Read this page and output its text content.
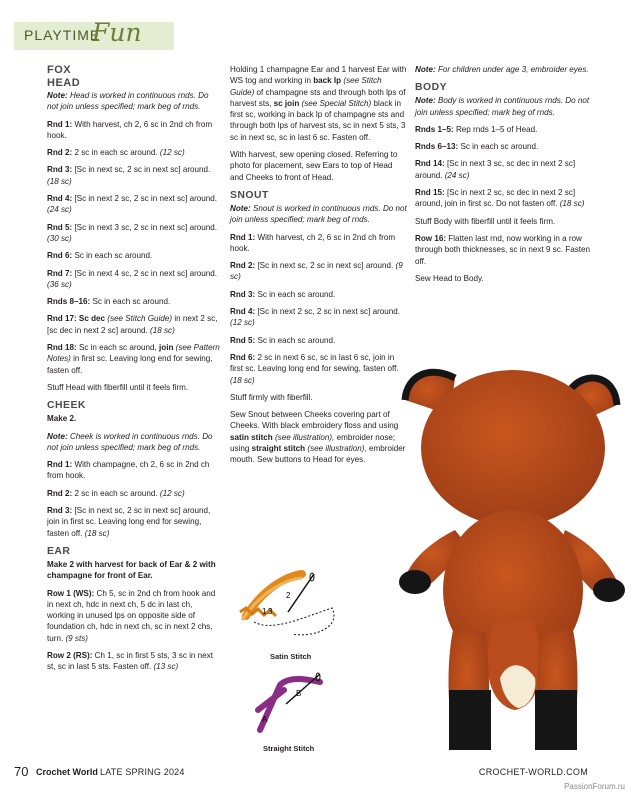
PLAYTIME
Fun
FOX
HEAD

Note: Head is worked in continuous rnds. Do not join unless specified; mark beg of rnds.

Rnd 1: With harvest, ch 2, 6 sc in 2nd ch from hook.

Rnd 2: 2 sc in each sc around. (12 sc)

Rnd 3: [Sc in next sc, 2 sc in next sc] around. (18 sc)

Rnd 4: [Sc in next 2 sc, 2 sc in next sc] around. (24 sc)

Rnd 5: [Sc in next 3 sc, 2 sc in next sc] around. (30 sc)

Rnd 6: Sc in each sc around.

Rnd 7: [Sc in next 4 sc, 2 sc in next sc] around. (36 sc)

Rnds 8–16: Sc in each sc around.

Rnd 17: Sc dec (see Stitch Guide) in next 2 sc, [sc dec in next 2 sc] around. (18 sc)

Rnd 18: Sc in each sc around, join (see Pattern Notes) in first sc. Leaving long end for sewing, fasten off.

Stuff Head with fiberfill until it feels firm.

CHEEK

Make 2.

Note: Cheek is worked in continuous rnds. Do not join unless specified; mark beg of rnds.

Rnd 1: With champagne, ch 2, 6 sc in 2nd ch from hook.

Rnd 2: 2 sc in each sc around. (12 sc)

Rnd 3: [Sc in next sc, 2 sc in next sc] around, join in first sc. Leaving long end for sewing, fasten off. (18 sc)

EAR

Make 2 with harvest for back of Ear & 2 with champagne for front of Ear.

Row 1 (WS): Ch 5, sc in 2nd ch from hook and in next ch, hdc in next ch, 5 dc in last ch, working in unused lps on opposite side of foundation ch, hdc in next ch, sc in next 2 chs, turn. (9 sts)

Row 2 (RS): Ch 1, sc in first 5 sts, 3 sc in next st, sc in last 5 sts. Fasten off. (13 sc)

Holding 1 champagne Ear and 1 harvest Ear with WS tog and working in back lp (see Stitch Guide) of champagne sts and through both lps of harvest sts, sc join (see Special Stitch) black in first sc, working in back lp of champagne sts and through both lps of harvest sts, sc in next 5 sts, 3 sc in next sc, sc in last 6 sc. Fasten off.

With harvest, sew opening closed. Referring to photo for placement, sew Ears to top of Head and Cheeks to front of Head.

SNOUT

Note: Snout is worked in continuous rnds. Do not join unless specified; mark beg of rnds.

Rnd 1: With harvest, ch 2, 6 sc in 2nd ch from hook.

Rnd 2: [Sc in next sc, 2 sc in next sc] around. (9 sc)

Rnd 3: Sc in each sc around.

Rnd 4: [Sc in next 2 sc, 2 sc in next sc] around. (12 sc)

Rnd 5: Sc in each sc around.

Rnd 6: 2 sc in next 6 sc, sc in last 6 sc, join in first sc. Leaving long end for sewing, fasten off. (18 sc)

Stuff firmly with fiberfill.

Sew Snout between Cheeks covering part of Cheeks. With black embroidery floss and using satin stitch (see illustration), embroider nose; using straight stitch (see illustration), embroider mouth. Sew buttons to Head for eyes.

1
2
3
Satin Stitch
B
A
Straight Stitch

Note: For children under age 3, embroider eyes.

BODY

Note: Body is worked in continuous rnds. Do not join unless specified; mark beg of rnds.

Rnds 1–5: Rep rnds 1–5 of Head.

Rnds 6–13: Sc in each sc around.

Rnd 14: [Sc in next 3 sc, sc dec in next 2 sc] around. (24 sc)

Rnd 15: [Sc in next 2 sc, sc dec in next 2 sc] around, join in first sc. Do not fasten off. (18 sc)

Stuff Body with fiberfill until it feels firm.

Row 16: Flatten last rnd, now working in a row through both thicknesses, sc in next 9 sc. Fasten off.

Sew Head to Body.

70 Crochet World LATE SPRING 2024	CROCHET-WORLD.COM
PassionForum.ru
